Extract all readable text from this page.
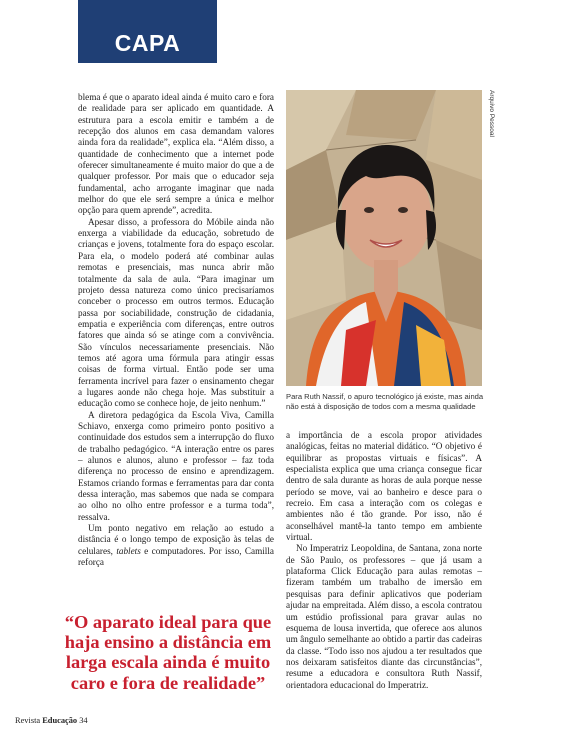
CAPA

blema é que o aparato ideal ainda é muito caro e fora de realidade para ser aplicado em quantidade. A estrutura para a escola emitir e também a de recepção dos alunos em casa demandam valores ainda fora da realidade”, explica ela. “Além disso, a quantidade de conhecimento que a internet pode oferecer simultaneamente é muito maior do que a de qualquer professor. Por mais que o educador seja fundamental, acho arrogante imaginar que nada melhor do que ele será sempre a única e melhor opção para quem aprende”, acredita.

Apesar disso, a professora do Móbile ainda não enxerga a viabilidade da educação, sobretudo de crianças e jovens, totalmente fora do espaço escolar. Para ela, o modelo poderá até combinar aulas remotas e presenciais, mas nunca abrir mão totalmente da sala de aula. “Para imaginar um projeto dessa natureza como único precisaríamos conceber o processo em outros termos. Educação passa por sociabilidade, construção de cidadania, empatia e experiência com diferenças, entre outros fatores que ainda só se atinge com a convivência. São vínculos necessariamente presenciais. Não temos até agora uma fórmula para atingir essas coisas de forma virtual. Então pode ser uma ferramenta incrível para fazer o ensinamento chegar a lugares aonde não chega hoje. Mas substituir a educação como se conhece hoje, de jeito nenhum.”

A diretora pedagógica da Escola Viva, Camilla Schiavo, enxerga como primeiro ponto positivo a continuidade dos estudos sem a interrupção do fluxo de trabalho pedagógico. “A interação entre os pares – alunos e alunos, aluno e professor – faz toda diferença no processo de ensino e aprendizagem. Estamos criando formas e ferramentas para dar conta dessa interação, mas sabemos que nada se compara ao olho no olho entre professor e a turma toda”, ressalva.

Um ponto negativo em relação ao estudo a distância é o longo tempo de exposição às telas de celulares, tablets e computadores. Por isso, Camilla reforça

Arquivo Pessoal
Para Ruth Nassif, o apuro tecnológico já existe, mas ainda não está à disposição de todos com a mesma qualidade

a importância de a escola propor atividades analógicas, feitas no material didático. “O objetivo é equilibrar as propostas virtuais e físicas”. A especialista explica que uma criança consegue ficar dentro de sala durante as horas de aula porque nesse período se move, vai ao banheiro e desce para o recreio. Em casa a interação com os colegas e ambientes não é tão grande. Por isso, não é aconselhável mantê-la tanto tempo em ambiente virtual.

No Imperatriz Leopoldina, de Santana, zona norte de São Paulo, os professores – que já usam a plataforma Click Educação para aulas remotas – fizeram também um trabalho de imersão em pesquisas para definir aplicativos que poderiam ajudar na empreitada. Além disso, a escola contratou um estúdio profissional para gravar aulas no esquema de lousa invertida, que oferece aos alunos um ângulo semelhante ao obtido a partir das cadeiras da classe. “Todo isso nos ajudou a ter resultados que nos deixaram satisfeitos diante das circunstâncias”, resume a educadora e consultora Ruth Nassif, orientadora educacional do Imperatriz.

“O aparato ideal para que haja ensino a distância em larga escala ainda é muito caro e fora de realidade”
Revista Educação 34
